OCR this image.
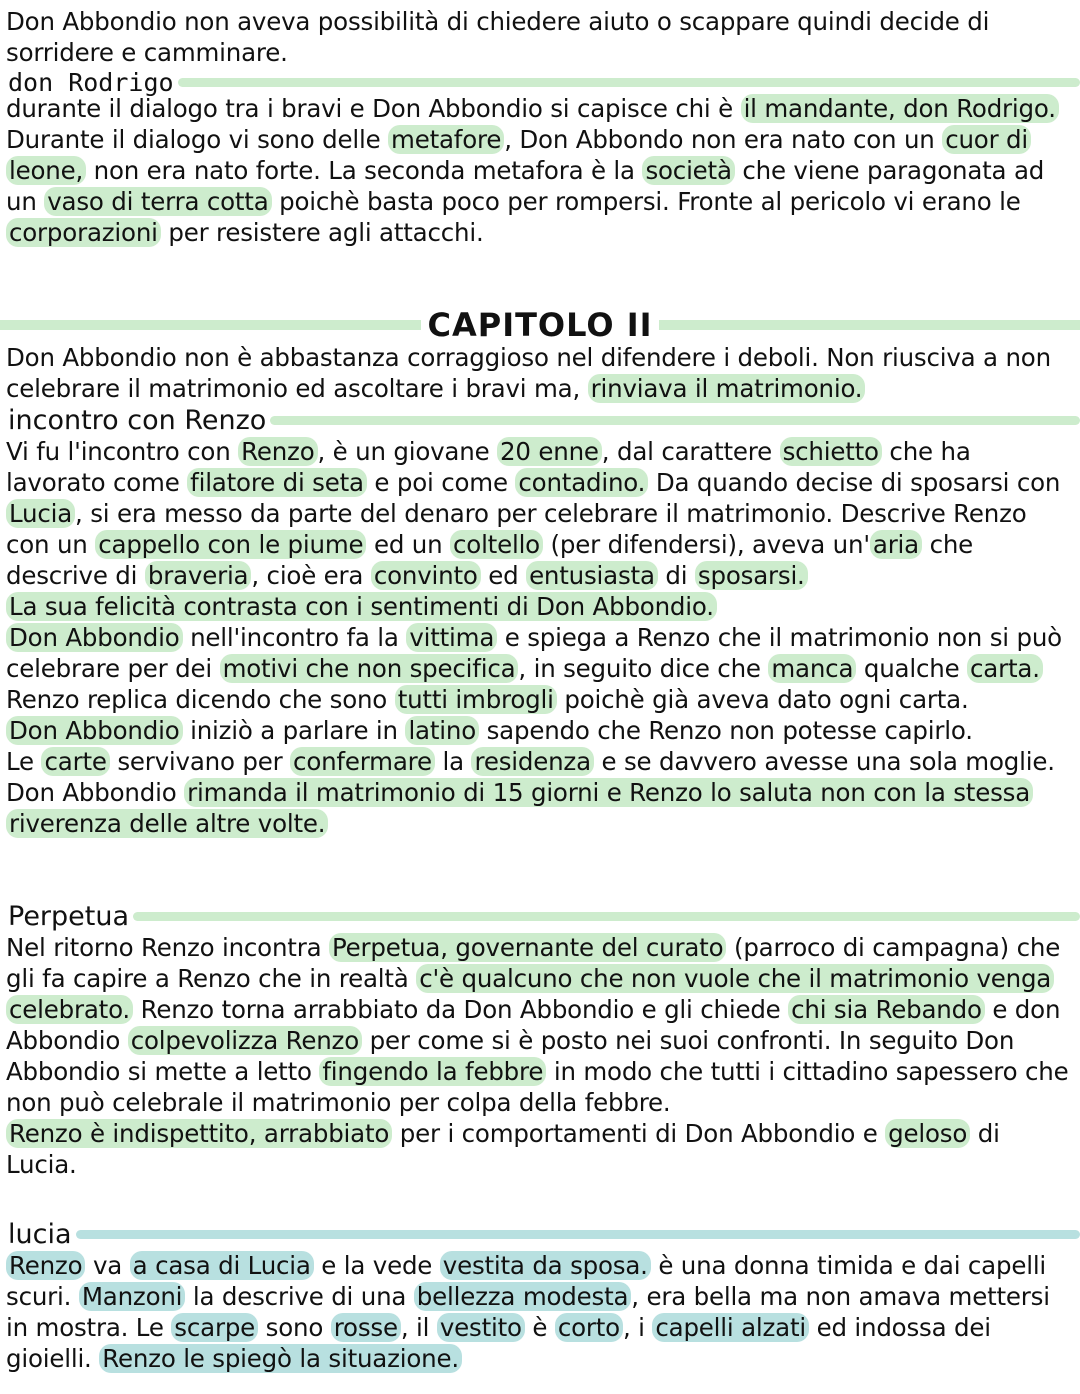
Don Abbondio non aveva possibilità di chiedere aiuto o scappare quindi decide di sorridere e camminare.
don Rodrigo
durante il dialogo tra i bravi e Don Abbondio si capisce chi è il mandante, don Rodrigo.
Durante il dialogo vi sono delle metafore , Don Abbondo non era nato con un cuor di leone, non era nato forte. La seconda metafora è la società che viene paragonata ad un vaso di terra cotta poichè basta poco per rompersi. Fronte al pericolo vi erano le corporazioni per resistere agli attacchi.
CAPITOLO II
Don Abbondio non è abbastanza corraggioso nel difendere i deboli. Non riusciva a non celebrare il matrimonio ed ascoltare i bravi ma, rinviava il matrimonio.
incontro con Renzo
Vi fu l'incontro con Renzo , è un giovane 20 enne , dal carattere schietto che ha lavorato come filatore di seta e poi come contadino. Da quando decise di sposarsi con Lucia , si era messo da parte del denaro per celebrare il matrimonio. Descrive Renzo con un cappello con le piume ed un coltello (per difendersi), aveva un' aria che descrive di braveria , cioè era convinto ed entusiasta di sposarsi.
La sua felicità contrasta con i sentimenti di Don Abbondio.
Don Abbondio nell'incontro fa la vittima e spiega a Renzo che il matrimonio non si può celebrare per dei motivi che non specifica , in seguito dice che manca qualche carta.
Renzo replica dicendo che sono tutti imbrogli poichè già aveva dato ogni carta.
Don Abbondio iniziò a parlare in latino sapendo che Renzo non potesse capirlo.
Le carte servivano per confermare la residenza e se davvero avesse una sola moglie.
Don Abbondio rimanda il matrimonio di 15 giorni e Renzo lo saluta non con la stessa riverenza delle altre volte.
Perpetua
Nel ritorno Renzo incontra Perpetua, governante del curato (parroco di campagna) che gli fa capire a Renzo che in realtà c'è qualcuno che non vuole che il matrimonio venga celebrato. Renzo torna arrabbiato da Don Abbondio e gli chiede chi sia Rebando e don Abbondio colpevolizza Renzo per come si è posto nei suoi confronti. In seguito Don Abbondio si mette a letto fingendo la febbre in modo che tutti i cittadino sapessero che non può celebrale il matrimonio per colpa della febbre.
Renzo è indispettito, arrabbiato per i comportamenti di Don Abbondio e geloso di Lucia.
lucia
Renzo va a casa di Lucia e la vede vestita da sposa. è una donna timida e dai capelli scuri. Manzoni la descrive di una bellezza modesta , era bella ma non amava mettersi in mostra. Le scarpe sono rosse , il vestito è corto , i capelli alzati ed indossa dei gioielli. Renzo le spiegò la situazione.
